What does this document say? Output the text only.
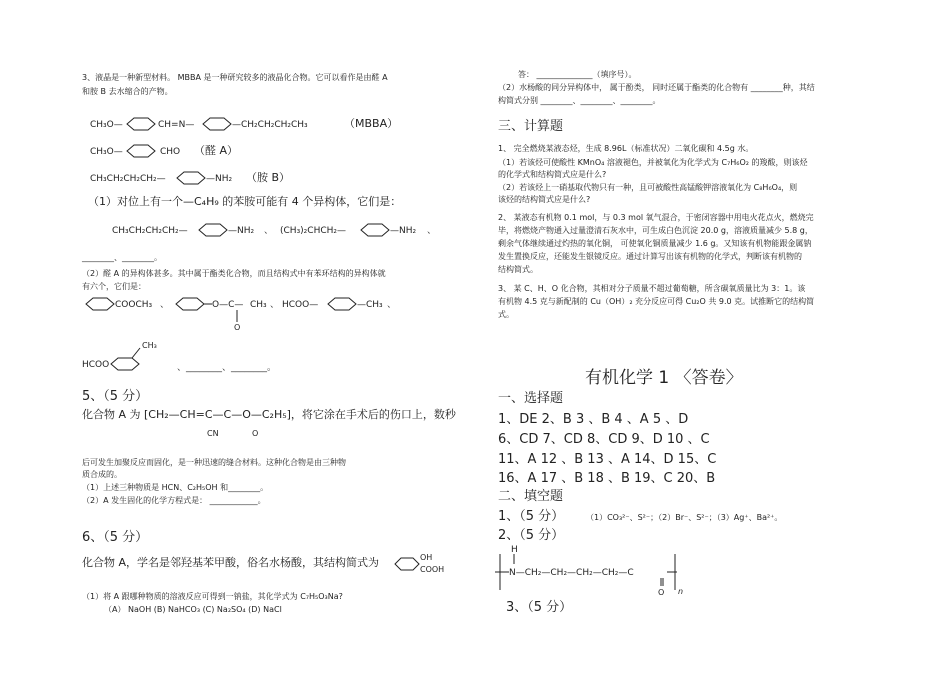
3、液晶是一种新型材料。 MBBA 是一种研究较多的液晶化合物。它可以看作是由醛 A
和胺 B 去水缩合的产物。
CH₃O—	CH=N—	—CH₂CH₂CH₂CH₃	（MBBA）
CH₃O—	CHO （醛 A）
CH₃CH₂CH₂CH₂—	—NH₂ （胺 B）
（1）对位上有一个—C₄H₉ 的苯胺可能有 4 个异构体，它们是：
CH₃CH₂CH₂CH₂—	—NH₂ 、 (CH₃)₂CHCH₂—	—NH₂ 、
________、________。
（2）醛 A 的异构体甚多。其中属于酯类化合物，而且结构式中有苯环结构的异构体就
有六个，它们是：
COOCH₃ 、	O—C—
O
CH₃ 、 HCOO—	—CH₃ 、
HCOO
CH₃
、________、________。
5、（5 分）
化合物 A 为 [CH₂—CH=C—C—O—C₂H₅]，将它涂在手术后的伤口上，数秒
CN	O
后可发生加聚反应而固化，是一种迅速的缝合材料。这种化合物是由三种物
质合成的。
（1）上述三种物质是 HCN、C₂H₅OH 和________。
（2）A 发生固化的化学方程式是： ____________。
6、（5 分）
化合物 A，学名是邻羟基苯甲酸，俗名水杨酸，其结构简式为	OH
COOH
（1）将 A 跟哪种物质的溶液反应可得到一钠盐，其化学式为 C₇H₅O₃Na?
（A） NaOH (B) NaHCO₃ (C) Na₂SO₄ (D) NaCl
答： ______________（填序号）。
（2）水杨酸的同分异构体中， 属于酚类， 同时还属于酯类的化合物有 ________种，其结
构简式分别 ________、________、________。
三、计算题
1、 完全燃烧某液态烃，生成 8.96L（标准状况）二氧化碳和 4.5g 水。
（1）若该烃可使酸性 KMnO₄ 溶液褪色，并被氧化为化学式为 C₇H₆O₂ 的羧酸，则该烃
的化学式和结构简式应是什么?
（2）若该烃上一硝基取代物只有一种，且可被酸性高锰酸钾溶液氧化为 C₈H₆O₄，则
该烃的结构简式应是什么?
2、 某液态有机物 0.1 mol，与 0.3 mol 氧气混合，于密闭容器中用电火花点火，燃烧完
毕，将燃烧产物通入过量澄清石灰水中，可生成白色沉淀 20.0 g，溶液质量减少 5.8 g，
剩余气体继续通过灼热的氧化铜， 可使氧化铜质量减少 1.6 g。又知该有机物能跟金属钠
发生置换反应，还能发生银镜反应。通过计算写出该有机物的化学式，判断该有机物的
结构简式。
3、 某 C、H、O 化合物，其相对分子质量不超过葡萄糖，所含碳氧质量比为 3：1。该
有机物 4.5 克与新配制的 Cu（OH）₂ 充分反应可得 Cu₂O 共 9.0 克。试推断它的结构简
式。
有机化学 1 〈答卷〉
一、选择题
1、DE 2、B 3 、B 4 、A 5 、D
6、CD 7、CD 8、CD 9、D 10 、C
11、A 12 、B 13 、A 14、D 15、C
16、A 17 、B 18 、B 19、C 20、B
二、填空题
1、（5 分）	（1）CO₃²⁻、S²⁻；（2）Br⁻、S²⁻；（3）Ag⁺、Ba²⁺。
2、（5 分）
H
N—CH₂—CH₂—CH₂—CH₂—C
O n
3、（5 分）
